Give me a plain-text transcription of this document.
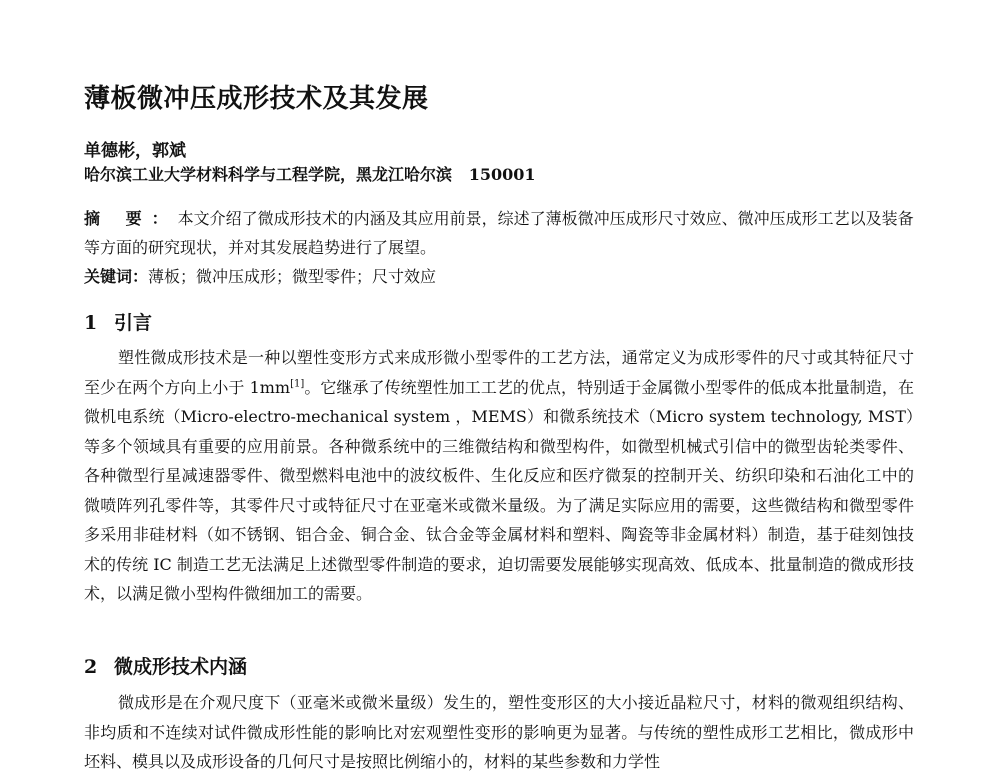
薄板微冲压成形技术及其发展
单德彬，郭斌
哈尔滨工业大学材料科学与工程学院，黑龙江哈尔滨   150001

摘 要：本文介绍了微成形技术的内涵及其应用前景，综述了薄板微冲压成形尺寸效应、微冲压成形工艺以及装备等方面的研究现状，并对其发展趋势进行了展望。

关键词：薄板；微冲压成形；微型零件；尺寸效应
1 引言

塑性微成形技术是一种以塑性变形方式来成形微小型零件的工艺方法，通常定义为成形零件的尺寸或其特征尺寸至少在两个方向上小于 1mm[1]。它继承了传统塑性加工工艺的优点，特别适于金属微小型零件的低成本批量制造，在微机电系统（Micro-electro-mechanical system ，MEMS）和微系统技术（Micro system technology, MST）等多个领域具有重要的应用前景。各种微系统中的三维微结构和微型构件，如微型机械式引信中的微型齿轮类零件、各种微型行星减速器零件、微型燃料电池中的波纹板件、生化反应和医疗微泵的控制开关、纺织印染和石油化工中的微喷阵列孔零件等，其零件尺寸或特征尺寸在亚毫米或微米量级。为了满足实际应用的需要，这些微结构和微型零件多采用非硅材料（如不锈钢、铝合金、铜合金、钛合金等金属材料和塑料、陶瓷等非金属材料）制造，基于硅刻蚀技术的传统 IC 制造工艺无法满足上述微型零件制造的要求，迫切需要发展能够实现高效、低成本、批量制造的微成形技术，以满足微小型构件微细加工的需要。

2 微成形技术内涵

微成形是在介观尺度下（亚毫米或微米量级）发生的，塑性变形区的大小接近晶粒尺寸，材料的微观组织结构、非均质和不连续对试件微成形性能的影响比对宏观塑性变形的影响更为显著。与传统的塑性成形工艺相比，微成形中坯料、模具以及成形设备的几何尺寸是按照比例缩小的，材料的某些参数和力学性
